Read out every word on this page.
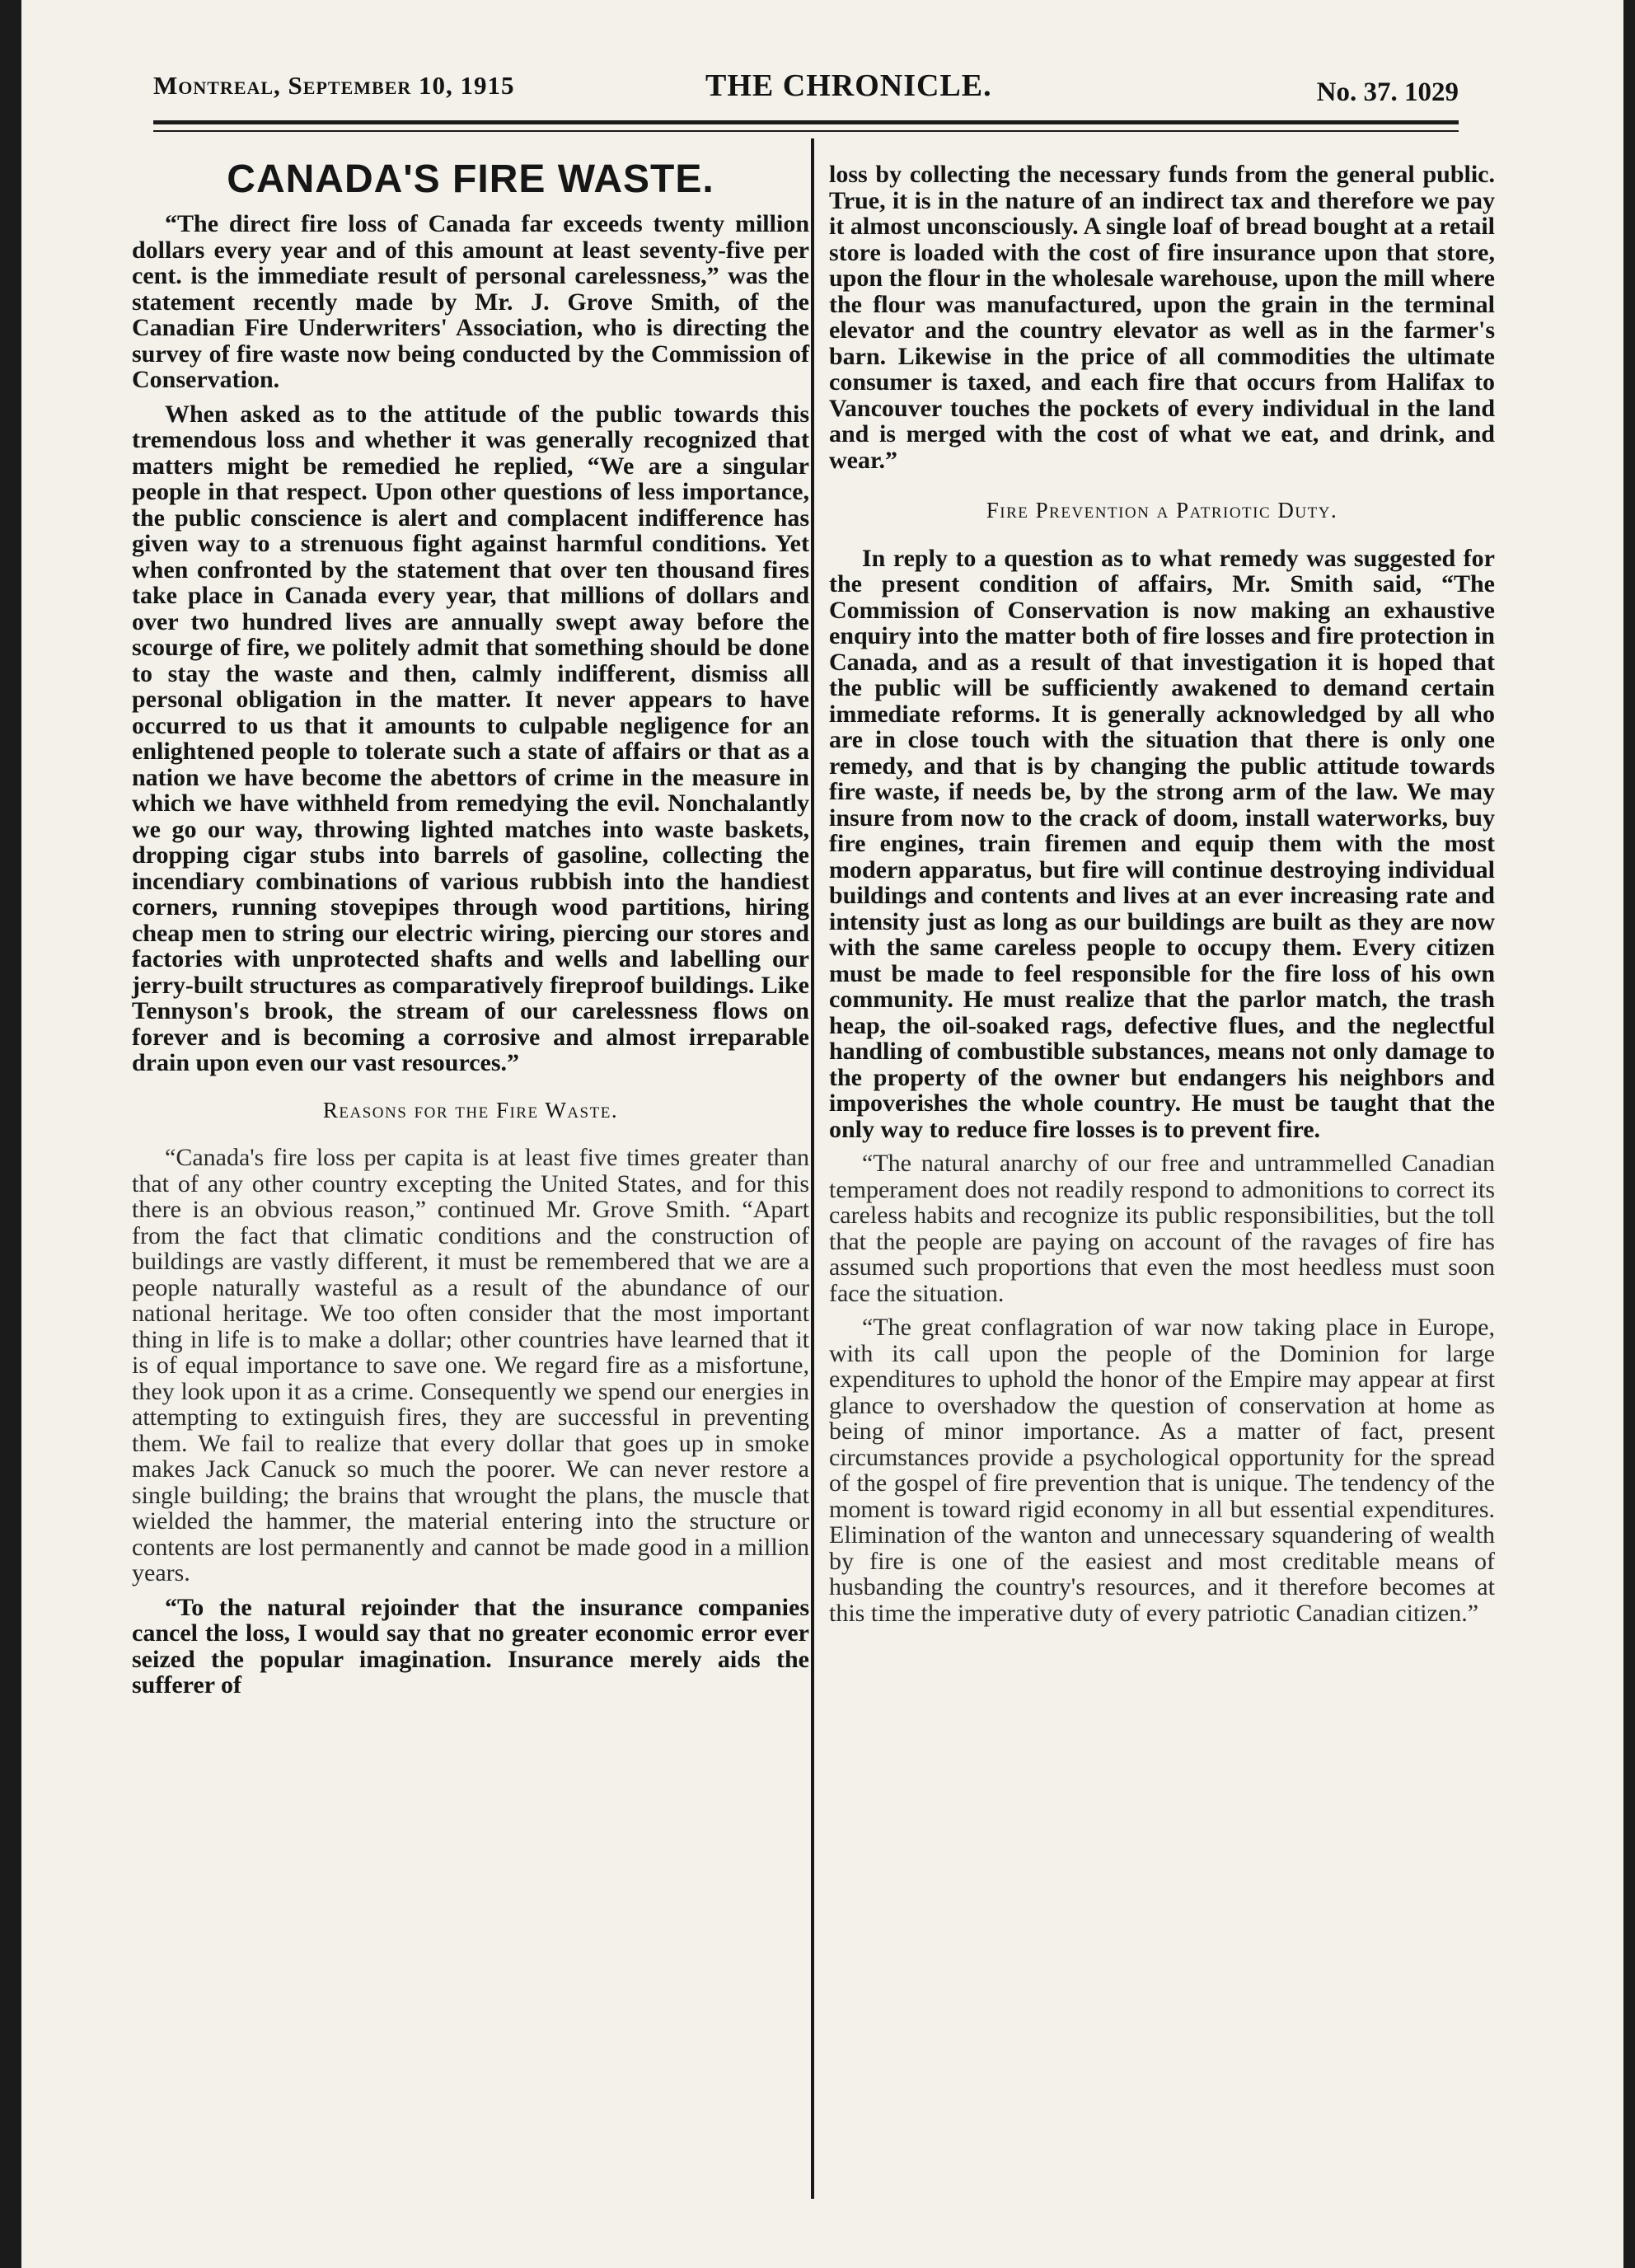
Montreal, September 10, 1915	THE CHRONICLE.	No. 37. 1029
CANADA'S FIRE WASTE.

“The direct fire loss of Canada far exceeds twenty million dollars every year and of this amount at least seventy-five per cent. is the immediate result of personal carelessness,” was the statement recently made by Mr. J. Grove Smith, of the Canadian Fire Underwriters' Association, who is directing the survey of fire waste now being conducted by the Commission of Conservation.

When asked as to the attitude of the public towards this tremendous loss and whether it was generally recognized that matters might be remedied he replied, “We are a singular people in that respect. Upon other questions of less importance, the public conscience is alert and complacent indifference has given way to a strenuous fight against harmful conditions. Yet when confronted by the statement that over ten thousand fires take place in Canada every year, that millions of dollars and over two hundred lives are annually swept away before the scourge of fire, we politely admit that something should be done to stay the waste and then, calmly indifferent, dismiss all personal obligation in the matter. It never appears to have occurred to us that it amounts to culpable negligence for an enlightened people to tolerate such a state of affairs or that as a nation we have become the abettors of crime in the measure in which we have withheld from remedying the evil. Nonchalantly we go our way, throwing lighted matches into waste baskets, dropping cigar stubs into barrels of gasoline, collecting the incendiary combinations of various rubbish into the handiest corners, running stovepipes through wood partitions, hiring cheap men to string our electric wiring, piercing our stores and factories with unprotected shafts and wells and labelling our jerry-built structures as comparatively fireproof buildings. Like Tennyson's brook, the stream of our carelessness flows on forever and is becoming a corrosive and almost irreparable drain upon even our vast resources.”

Reasons for the Fire Waste.

“Canada's fire loss per capita is at least five times greater than that of any other country excepting the United States, and for this there is an obvious reason,” continued Mr. Grove Smith. “Apart from the fact that climatic conditions and the construction of buildings are vastly different, it must be remembered that we are a people naturally wasteful as a result of the abundance of our national heritage. We too often consider that the most important thing in life is to make a dollar; other countries have learned that it is of equal importance to save one. We regard fire as a misfortune, they look upon it as a crime. Consequently we spend our energies in attempting to extinguish fires, they are successful in preventing them. We fail to realize that every dollar that goes up in smoke makes Jack Canuck so much the poorer. We can never restore a single building; the brains that wrought the plans, the muscle that wielded the hammer, the material entering into the structure or contents are lost permanently and cannot be made good in a million years.

“To the natural rejoinder that the insurance companies cancel the loss, I would say that no greater economic error ever seized the popular imagination. Insurance merely aids the sufferer of

loss by collecting the necessary funds from the general public. True, it is in the nature of an indirect tax and therefore we pay it almost unconsciously. A single loaf of bread bought at a retail store is loaded with the cost of fire insurance upon that store, upon the flour in the wholesale warehouse, upon the mill where the flour was manufactured, upon the grain in the terminal elevator and the country elevator as well as in the farmer's barn. Likewise in the price of all commodities the ultimate consumer is taxed, and each fire that occurs from Halifax to Vancouver touches the pockets of every individual in the land and is merged with the cost of what we eat, and drink, and wear.”

Fire Prevention a Patriotic Duty.

In reply to a question as to what remedy was suggested for the present condition of affairs, Mr. Smith said, “The Commission of Conservation is now making an exhaustive enquiry into the matter both of fire losses and fire protection in Canada, and as a result of that investigation it is hoped that the public will be sufficiently awakened to demand certain immediate reforms. It is generally acknowledged by all who are in close touch with the situation that there is only one remedy, and that is by changing the public attitude towards fire waste, if needs be, by the strong arm of the law. We may insure from now to the crack of doom, install waterworks, buy fire engines, train firemen and equip them with the most modern apparatus, but fire will continue destroying individual buildings and contents and lives at an ever increasing rate and intensity just as long as our buildings are built as they are now with the same careless people to occupy them. Every citizen must be made to feel responsible for the fire loss of his own community. He must realize that the parlor match, the trash heap, the oil-soaked rags, defective flues, and the neglectful handling of combustible substances, means not only damage to the property of the owner but endangers his neighbors and impoverishes the whole country. He must be taught that the only way to reduce fire losses is to prevent fire.

“The natural anarchy of our free and untrammelled Canadian temperament does not readily respond to admonitions to correct its careless habits and recognize its public responsibilities, but the toll that the people are paying on account of the ravages of fire has assumed such proportions that even the most heedless must soon face the situation.

“The great conflagration of war now taking place in Europe, with its call upon the people of the Dominion for large expenditures to uphold the honor of the Empire may appear at first glance to overshadow the question of conservation at home as being of minor importance. As a matter of fact, present circumstances provide a psychological opportunity for the spread of the gospel of fire prevention that is unique. The tendency of the moment is toward rigid economy in all but essential expenditures. Elimination of the wanton and unnecessary squandering of wealth by fire is one of the easiest and most creditable means of husbanding the country's resources, and it therefore becomes at this time the imperative duty of every patriotic Canadian citizen.”
